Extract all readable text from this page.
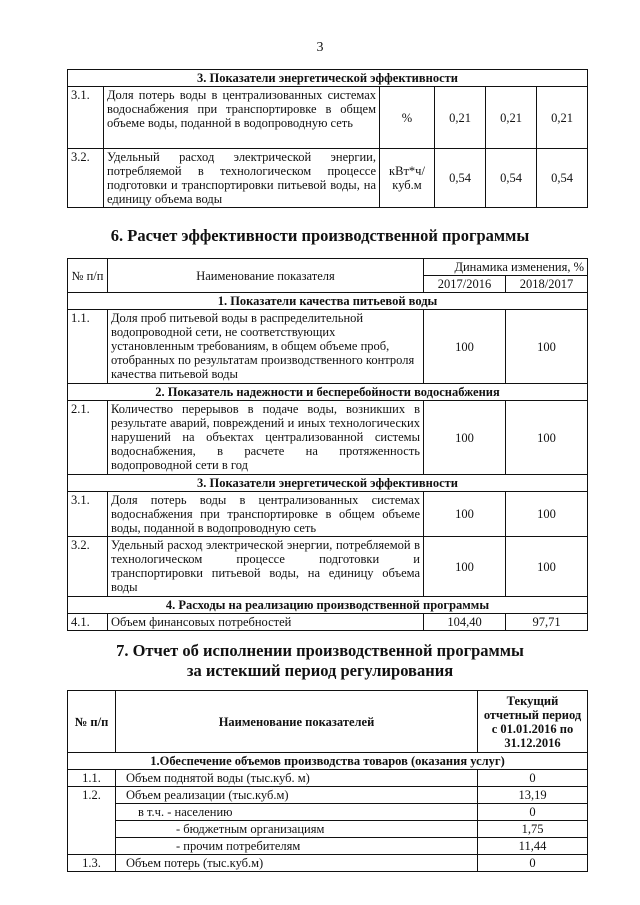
3
3. Показатели энергетической эффективности					
3.1.	Доля потерь воды в централизованных системах водоснабжения при транспортировке в общем объеме воды, поданной в водопроводную сеть	%	0,21	0,21	0,21
3.2.	Удельный расход электрической энергии, потребляемой в технологическом процессе подготовки и транспортировки питьевой воды, на единицу объема воды	кВт*ч/ куб.м	0,54	0,54	0,54
6. Расчет эффективности производственной программы
№ п/п	Наименование показателя	Динамика изменения, %	
		2017/2016	2018/2017
1. Показатели качества питьевой воды			
1.1.	Доля проб питьевой воды в распределительной водопроводной сети, не соответствующих установленным требованиям, в общем объеме проб, отобранных по результатам производственного контроля качества питьевой воды	100	100
2. Показатель надежности и бесперебойности водоснабжения			
2.1.	Количество перерывов в подаче воды, возникших в результате аварий, повреждений и иных технологических нарушений на объектах централизованной системы водоснабжения, в расчете на протяженность водопроводной сети в год	100	100
3. Показатели энергетической эффективности			
3.1.	Доля потерь воды в централизованных системах водоснабжения при транспортировке в общем объеме воды, поданной в водопроводную сеть	100	100
3.2.	Удельный расход электрической энергии, потребляемой в технологическом процессе подготовки и транспортировки питьевой воды, на единицу объема воды	100	100
4. Расходы на реализацию производственной программы			
4.1.	Объем финансовых потребностей	104,40	97,71
7. Отчет об исполнении производственной программы
за истекший период регулирования
№ п/п	Наименование показателей	Текущий отчетный период с 01.01.2016 по 31.12.2016
1.Обеспечение объемов производства товаров (оказания услуг)		
1.1.	Объем поднятой воды (тыс.куб. м)	0
1.2.	Объем реализации (тыс.куб.м)	13,19
	в т.ч. - населению	0
	- бюджетным организациям	1,75
	- прочим потребителям	11,44
1.3.	Объем потерь (тыс.куб.м)	0
